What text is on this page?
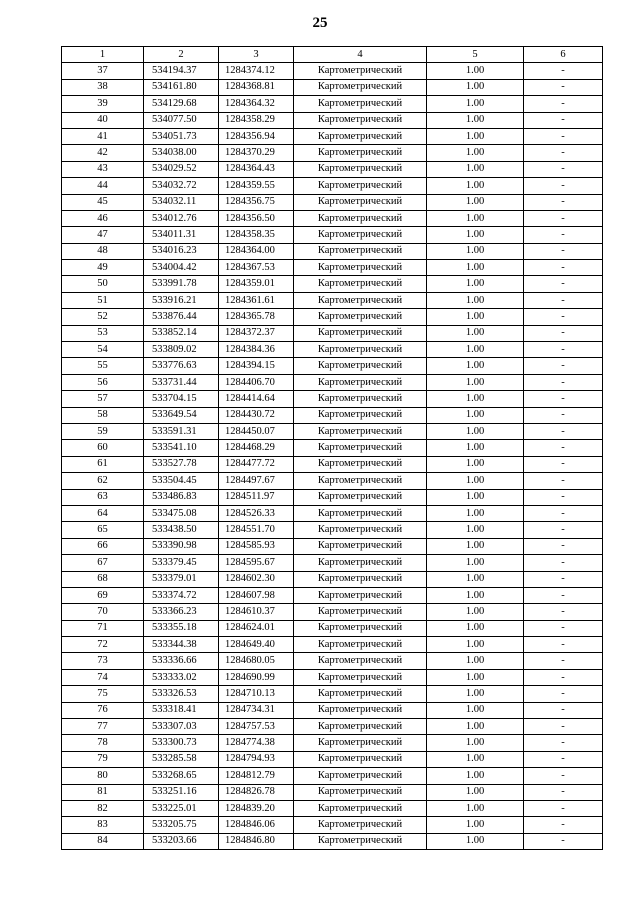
25
1	2	3	4	5	6
37	534194.37	1284374.12	Картометрический	1.00	-
38	534161.80	1284368.81	Картометрический	1.00	-
39	534129.68	1284364.32	Картометрический	1.00	-
40	534077.50	1284358.29	Картометрический	1.00	-
41	534051.73	1284356.94	Картометрический	1.00	-
42	534038.00	1284370.29	Картометрический	1.00	-
43	534029.52	1284364.43	Картометрический	1.00	-
44	534032.72	1284359.55	Картометрический	1.00	-
45	534032.11	1284356.75	Картометрический	1.00	-
46	534012.76	1284356.50	Картометрический	1.00	-
47	534011.31	1284358.35	Картометрический	1.00	-
48	534016.23	1284364.00	Картометрический	1.00	-
49	534004.42	1284367.53	Картометрический	1.00	-
50	533991.78	1284359.01	Картометрический	1.00	-
51	533916.21	1284361.61	Картометрический	1.00	-
52	533876.44	1284365.78	Картометрический	1.00	-
53	533852.14	1284372.37	Картометрический	1.00	-
54	533809.02	1284384.36	Картометрический	1.00	-
55	533776.63	1284394.15	Картометрический	1.00	-
56	533731.44	1284406.70	Картометрический	1.00	-
57	533704.15	1284414.64	Картометрический	1.00	-
58	533649.54	1284430.72	Картометрический	1.00	-
59	533591.31	1284450.07	Картометрический	1.00	-
60	533541.10	1284468.29	Картометрический	1.00	-
61	533527.78	1284477.72	Картометрический	1.00	-
62	533504.45	1284497.67	Картометрический	1.00	-
63	533486.83	1284511.97	Картометрический	1.00	-
64	533475.08	1284526.33	Картометрический	1.00	-
65	533438.50	1284551.70	Картометрический	1.00	-
66	533390.98	1284585.93	Картометрический	1.00	-
67	533379.45	1284595.67	Картометрический	1.00	-
68	533379.01	1284602.30	Картометрический	1.00	-
69	533374.72	1284607.98	Картометрический	1.00	-
70	533366.23	1284610.37	Картометрический	1.00	-
71	533355.18	1284624.01	Картометрический	1.00	-
72	533344.38	1284649.40	Картометрический	1.00	-
73	533336.66	1284680.05	Картометрический	1.00	-
74	533333.02	1284690.99	Картометрический	1.00	-
75	533326.53	1284710.13	Картометрический	1.00	-
76	533318.41	1284734.31	Картометрический	1.00	-
77	533307.03	1284757.53	Картометрический	1.00	-
78	533300.73	1284774.38	Картометрический	1.00	-
79	533285.58	1284794.93	Картометрический	1.00	-
80	533268.65	1284812.79	Картометрический	1.00	-
81	533251.16	1284826.78	Картометрический	1.00	-
82	533225.01	1284839.20	Картометрический	1.00	-
83	533205.75	1284846.06	Картометрический	1.00	-
84	533203.66	1284846.80	Картометрический	1.00	-
